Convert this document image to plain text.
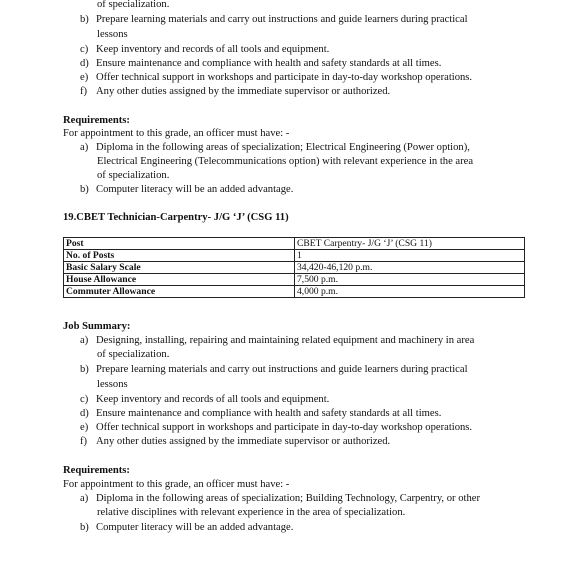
of specialization.
b) Prepare learning materials and carry out instructions and guide learners during practical
lessons
c) Keep inventory and records of all tools and equipment.
d) Ensure maintenance and compliance with health and safety standards at all times.
e) Offer technical support in workshops and participate in day-to-day workshop operations.
f) Any other duties assigned by the immediate supervisor or authorized.
Requirements:
For appointment to this grade, an officer must have: -
a) Diploma in the following areas of specialization; Electrical Engineering (Power option),
Electrical Engineering (Telecommunications option) with relevant experience in the area
of specialization.
b) Computer literacy will be an added advantage.
19.CBET Technician-Carpentry- J/G ‘J’ (CSG 11)
Post	CBET Carpentry- J/G ‘J’ (CSG 11)
No. of Posts	1
Basic Salary Scale	34,420-46,120 p.m.
House Allowance	7,500 p.m.
Commuter Allowance	4,000 p.m.
Job Summary:
a) Designing, installing, repairing and maintaining related equipment and machinery in area
of specialization.
b) Prepare learning materials and carry out instructions and guide learners during practical
lessons
c) Keep inventory and records of all tools and equipment.
d) Ensure maintenance and compliance with health and safety standards at all times.
e) Offer technical support in workshops and participate in day-to-day workshop operations.
f) Any other duties assigned by the immediate supervisor or authorized.
Requirements:
For appointment to this grade, an officer must have: -
a) Diploma in the following areas of specialization; Building Technology, Carpentry, or other
relative disciplines with relevant experience in the area of specialization.
b) Computer literacy will be an added advantage.
